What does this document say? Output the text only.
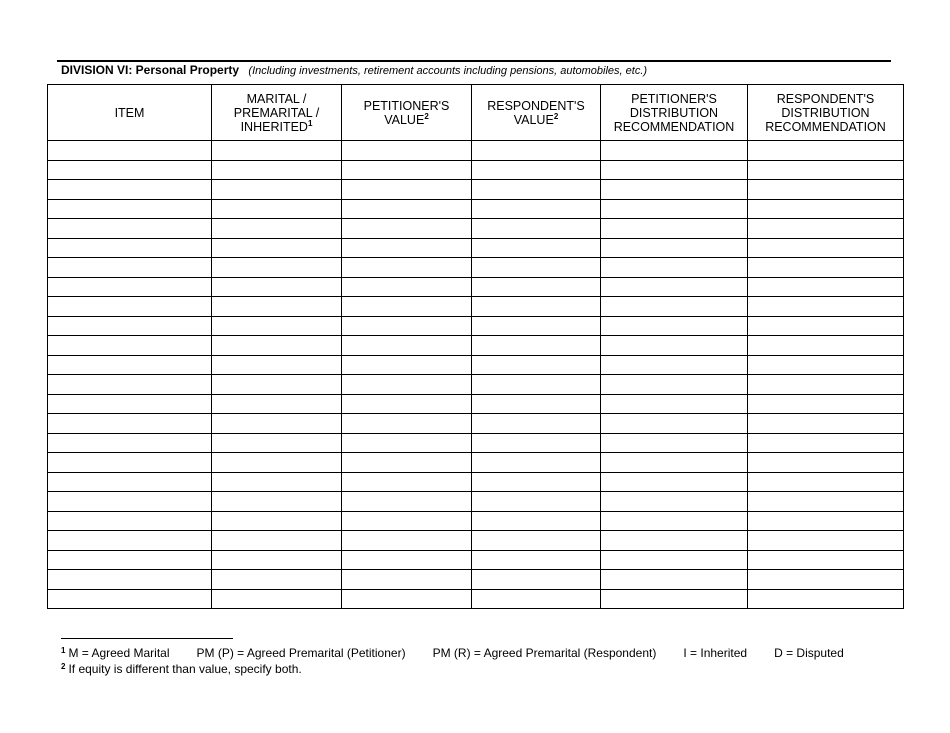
DIVISION VI: Personal Property (Including investments, retirement accounts including pensions, automobiles, etc.)
ITEM	MARITAL /
PREMARITAL /
INHERITED$^1$	PETITIONER'S
VALUE$^2$	RESPONDENT'S
VALUE$^2$	PETITIONER'S
DISTRIBUTION
RECOMMENDATION	RESPONDENT'S
DISTRIBUTION
RECOMMENDATION

$^1$ M = Agreed Marital PM (P) = Agreed Premarital (Petitioner) PM (R) = Agreed Premarital (Respondent) I = Inherited D = Disputed
$^2$ If equity is different than value, specify both.
